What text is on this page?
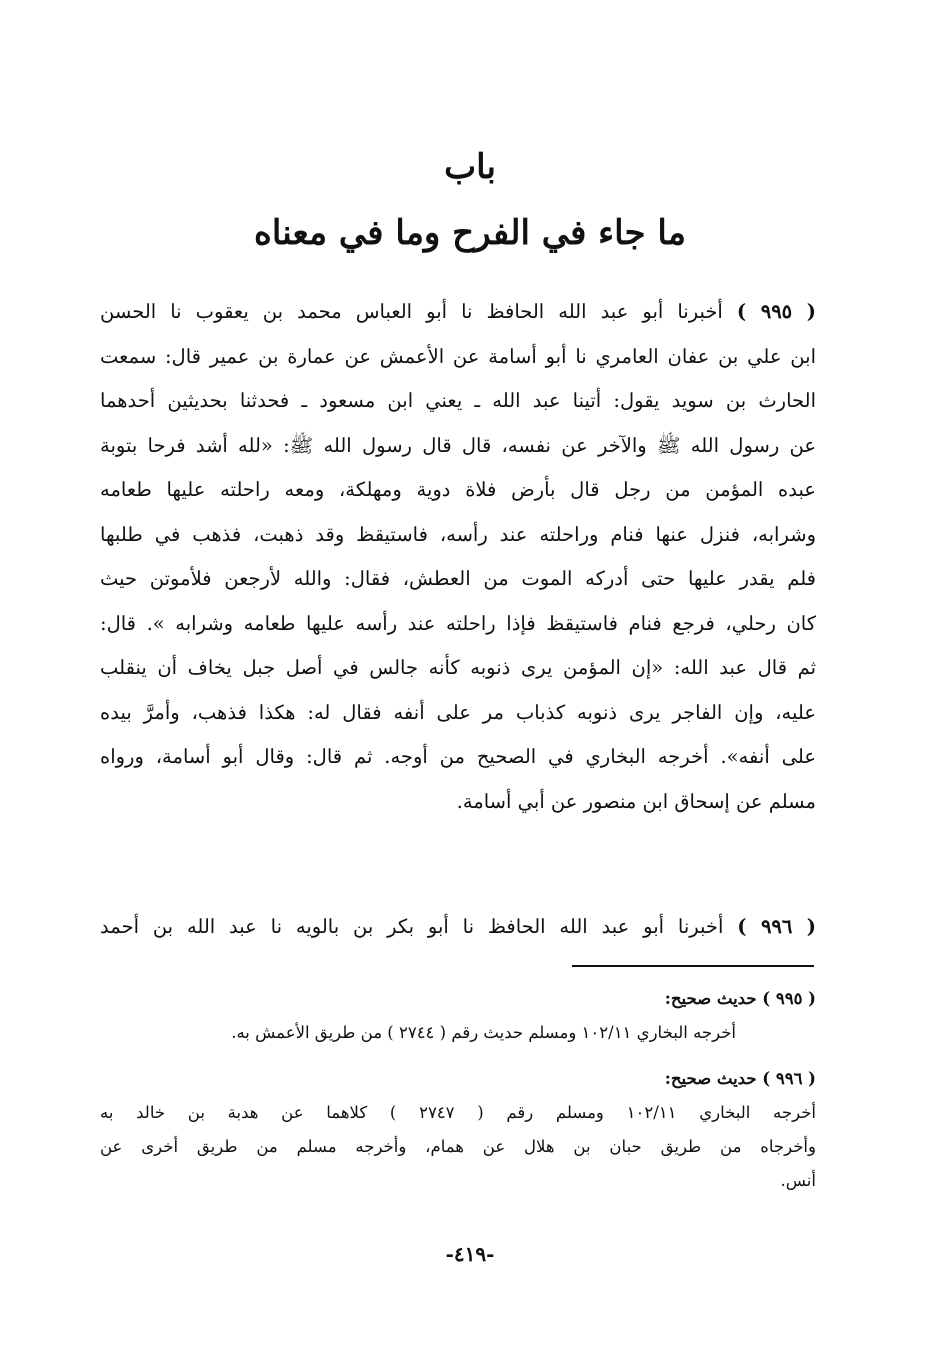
باب
ما جاء في الفرح وما في معناه
( ٩٩٥ ) أخبرنا أبو عبد الله الحافظ نا أبو العباس محمد بن يعقوب نا الحسن
ابن علي بن عفان العامري نا أبو أسامة عن الأعمش عن عمارة بن عمير قال: سمعت
الحارث بن سويد يقول: أتينا عبد الله ـ يعني ابن مسعود ـ فحدثنا بحديثين أحدهما
عن رسول الله ﷺ والآخر عن نفسه، قال قال رسول الله ﷺ: «لله أشد فرحا بتوبة
عبده المؤمن من رجل قال بأرض فلاة دوية ومهلكة، ومعه راحلته عليها طعامه
وشرابه، فنزل عنها فنام وراحلته عند رأسه، فاستيقظ وقد ذهبت، فذهب في طلبها
فلم يقدر عليها حتى أدركه الموت من العطش، فقال: والله لأرجعن فلأموتن حيث
كان رحلي، فرجع فنام فاستيقظ فإذا راحلته عند رأسه عليها طعامه وشرابه ». قال:
ثم قال عبد الله: «إن المؤمن يرى ذنوبه كأنه جالس في أصل جبل يخاف أن ينقلب
عليه، وإن الفاجر يرى ذنوبه كذباب مر على أنفه فقال له: هكذا فذهب، وأمرَّ بيده
على أنفه». أخرجه البخاري في الصحيح من أوجه. ثم قال: وقال أبو أسامة، ورواه
مسلم عن إسحاق ابن منصور عن أبي أسامة.
( ٩٩٦ ) أخبرنا أبو عبد الله الحافظ نا أبو بكر بن بالويه نا عبد الله بن أحمد
( ٩٩٥ ) حديث صحيح:
أخرجه البخاري ١٠٢/١١ ومسلم حديث رقم ( ٢٧٤٤ ) من طريق الأعمش به.
( ٩٩٦ ) حديث صحيح:
أخرجه البخاري ١٠٢/١١ ومسلم رقم ( ٢٧٤٧ ) كلاهما عن هدبة بن خالد به
وأخرجاه من طريق حبان بن هلال عن همام، وأخرجه مسلم من طريق أخرى عن
أنس.
-٤١٩-
